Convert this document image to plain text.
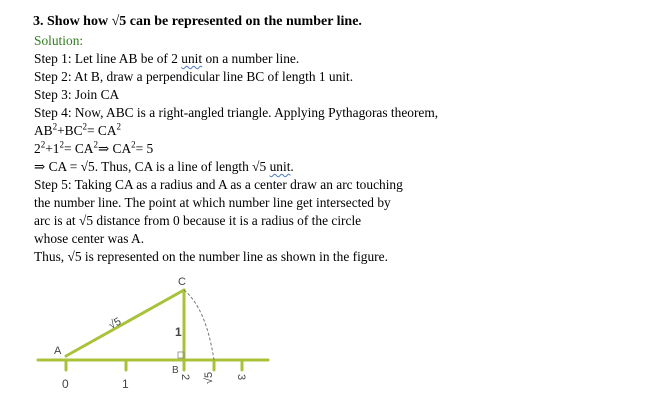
3. Show how √5 can be represented on the number line.
Solution:
Step 1: Let line AB be of 2 unit on a number line.
Step 2: At B, draw a perpendicular line BC of length 1 unit.
Step 3: Join CA
Step 4: Now, ABC is a right-angled triangle. Applying Pythagoras theorem,
$AB^2+BC^2= CA^2$
$2^2+1^2=$ $CA^2\Rightarrow$ $CA^2= 5$
⇒ CA = √5. Thus, CA is a line of length √5 unit.
Step 5: Taking CA as a radius and A as a center draw an arc touching
the number line. The point at which number line get intersected by
arc is at √5 distance from 0 because it is a radius of the circle
whose center was A.
Thus, √5 is represented on the number line as shown in the figure.
A
C
B
√5
1
0	1	2 √5 3
